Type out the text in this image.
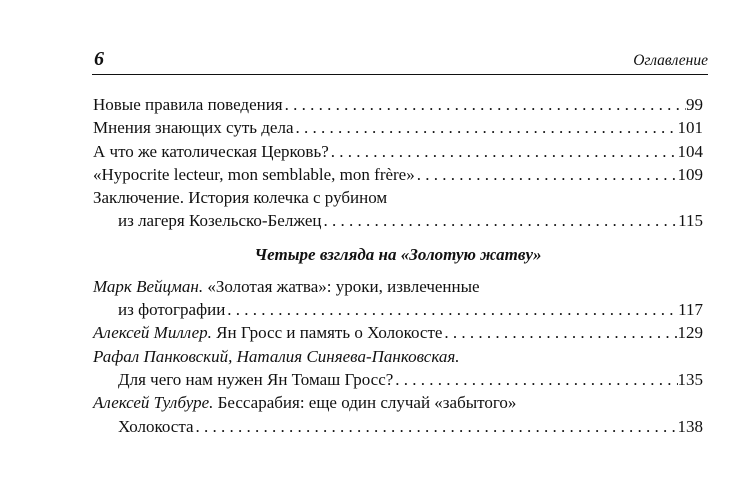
6	Оглавление
Новые правила поведения . . .	99
Мнения знающих суть дела . . .	101
А что же католическая Церковь? . . .	104
«Hypocrite lecteur, mon semblable, mon frère» . . .	109
Заключение. История колечка с рубином
из лагеря Козельско-Белжец . . .	115
Четыре взгляда на «Золотую жатву»
Марк Вейцман. «Золотая жатва»: уроки, извлеченные
из фотографии . . .	117
Алексей Миллер. Ян Гросс и память о Холокосте . . .	129
Рафал Панковский, Наталия Синяева-Панковская.
Для чего нам нужен Ян Томаш Гросс? . . .	135
Алексей Тулбуре. Бессарабия: еще один случай «забытого»
Холокоста . . .	138
